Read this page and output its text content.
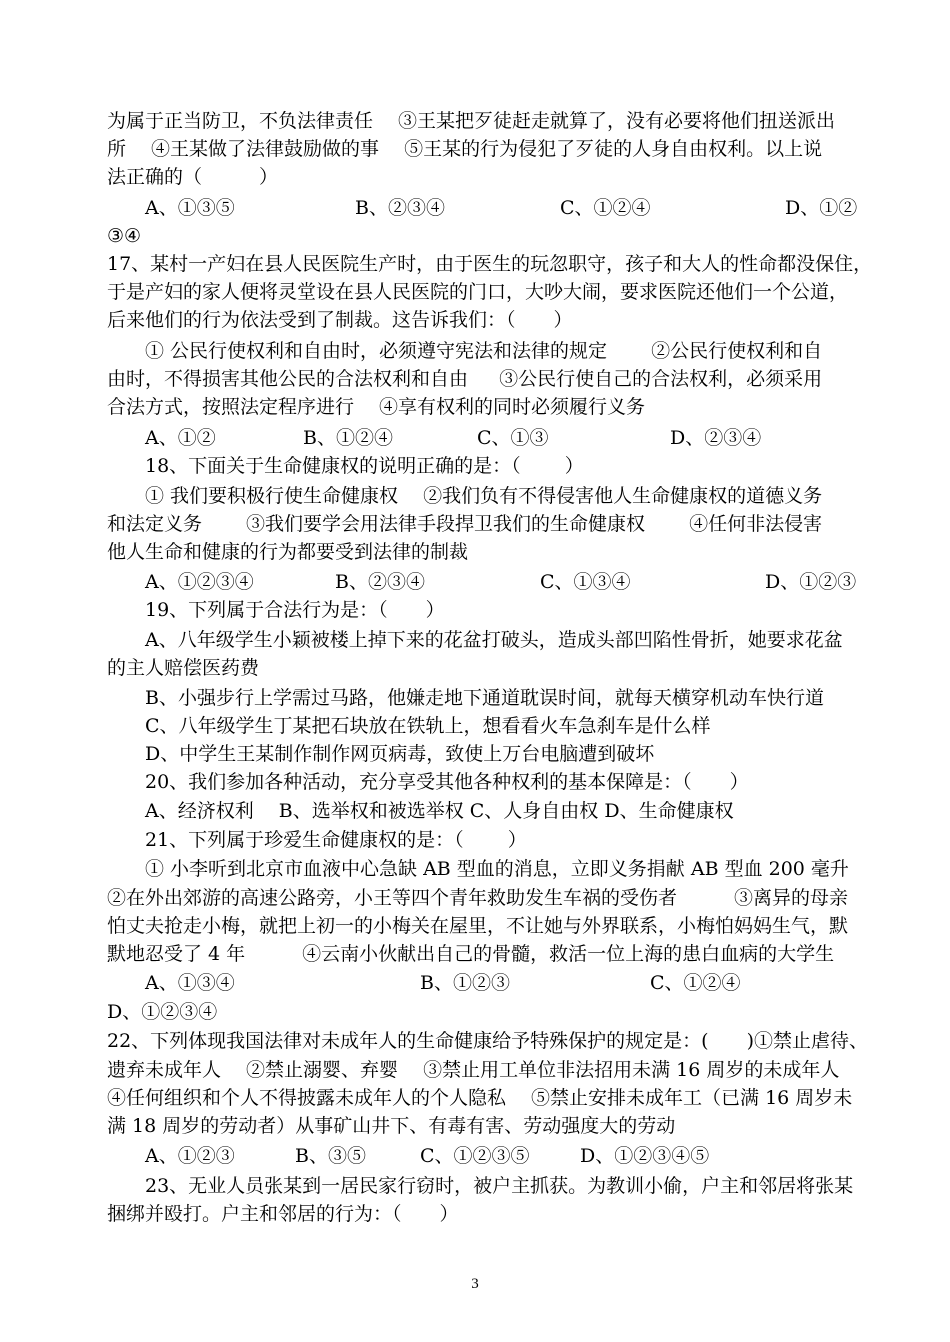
为属于正当防卫，不负法律责任 　③王某把歹徒赶走就算了，没有必要将他们扭送派出
所　 ④王某做了法律鼓励做的事　 ⑤王某的行为侵犯了歹徒的人身自由权利。以上说
法正确的（　　　）
A、①③⑤	B、②③④	C、①②④	D、①②
③④
17、某村一产妇在县人民医院生产时，由于医生的玩忽职守，孩子和大人的性命都没保住，
于是产妇的家人便将灵堂设在县人民医院的门口，大吵大闹，要求医院还他们一个公道，
后来他们的行为依法受到了制裁。这告诉我们：（　　）
① 公民行使权利和自由时，必须遵守宪法和法律的规定　　 ②公民行使权利和自
由时，不得损害其他公民的合法权利和自由 　 ③公民行使自己的合法权利，必须采用
合法方式，按照法定程序进行　 ④享有权利的同时必须履行义务
A、①②	B、①②④	C、①③	D、②③④
18、下面关于生命健康权的说明正确的是：（　　 ）
① 我们要积极行使生命健康权　 ②我们负有不得侵害他人生命健康权的道德义务
和法定义务　　 ③我们要学会用法律手段捍卫我们的生命健康权 　　④任何非法侵害
他人生命和健康的行为都要受到法律的制裁
A、①②③④	B、②③④	C、①③④	D、①②③
19、下列属于合法行为是：（　　）
A、八年级学生小颖被楼上掉下来的花盆打破头，造成头部凹陷性骨折，她要求花盆
的主人赔偿医药费
B、小强步行上学需过马路，他嫌走地下通道耽误时间，就每天横穿机动车快行道
C、八年级学生丁某把石块放在铁轨上，想看看火车急刹车是什么样
D、中学生王某制作制作网页病毒，致使上万台电脑遭到破坏
20、我们参加各种活动，充分享受其他各种权利的基本保障是：（　　）
A、经济权利　 B、选举权和被选举权 C、人身自由权 D、生命健康权
21、下列属于珍爱生命健康权的是：（　　 ）
① 小李听到北京市血液中心急缺 AB 型血的消息，立即义务捐献 AB 型血 200 毫升
②在外出郊游的高速公路旁，小王等四个青年救助发生车祸的受伤者　　　③离异的母亲
怕丈夫抢走小梅，就把上初一的小梅关在屋里，不让她与外界联系，小梅怕妈妈生气，默
默地忍受了 4 年　　　④云南小伙献出自己的骨髓，救活一位上海的患白血病的大学生
A、①③④	B、①②③	C、①②④
D、①②③④
22、下列体现我国法律对未成年人的生命健康给予特殊保护的规定是：(　　)①禁止虐待、
遗弃未成年人　 ②禁止溺婴、弃婴　 ③禁止用工单位非法招用未满 16 周岁的未成年人
④任何组织和个人不得披露未成年人的个人隐私　 ⑤禁止安排未成年工（已满 16 周岁未
满 18 周岁的劳动者）从事矿山井下、有毒有害、劳动强度大的劳动
A、①②③	B、③⑤	C、①②③⑤	D、①②③④⑤
23、无业人员张某到一居民家行窃时，被户主抓获。为教训小偷，户主和邻居将张某
捆绑并殴打。户主和邻居的行为：（　　）
3
